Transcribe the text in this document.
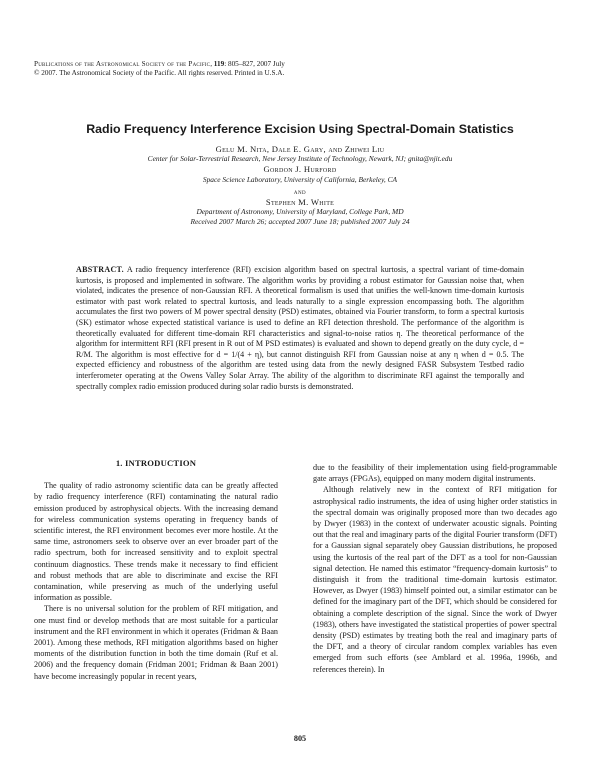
Publications of the Astronomical Society of the Pacific, 119: 805–827, 2007 July
© 2007. The Astronomical Society of the Pacific. All rights reserved. Printed in U.S.A.
Radio Frequency Interference Excision Using Spectral-Domain Statistics
Gelu M. Nita, Dale E. Gary, and Zhiwei Liu
Center for Solar-Terrestrial Research, New Jersey Institute of Technology, Newark, NJ; gnita@njit.edu
Gordon J. Hurford
Space Science Laboratory, University of California, Berkeley, CA
and
Stephen M. White
Department of Astronomy, University of Maryland, College Park, MD
Received 2007 March 26; accepted 2007 June 18; published 2007 July 24
ABSTRACT. A radio frequency interference (RFI) excision algorithm based on spectral kurtosis, a spectral variant of time-domain kurtosis, is proposed and implemented in software. The algorithm works by providing a robust estimator for Gaussian noise that, when violated, indicates the presence of non-Gaussian RFI. A theoretical formalism is used that unifies the well-known time-domain kurtosis estimator with past work related to spectral kurtosis, and leads naturally to a single expression encompassing both. The algorithm accumulates the first two powers of M power spectral density (PSD) estimates, obtained via Fourier transform, to form a spectral kurtosis (SK) estimator whose expected statistical variance is used to define an RFI detection threshold. The performance of the algorithm is theoretically evaluated for different time-domain RFI characteristics and signal-to-noise ratios η. The theoretical performance of the algorithm for intermittent RFI (RFI present in R out of M PSD estimates) is evaluated and shown to depend greatly on the duty cycle, d = R/M. The algorithm is most effective for d = 1/(4 + η), but cannot distinguish RFI from Gaussian noise at any η when d = 0.5. The expected efficiency and robustness of the algorithm are tested using data from the newly designed FASR Subsystem Testbed radio interferometer operating at the Owens Valley Solar Array. The ability of the algorithm to discriminate RFI against the temporally and spectrally complex radio emission produced during solar radio bursts is demonstrated.
1. INTRODUCTION

The quality of radio astronomy scientific data can be greatly affected by radio frequency interference (RFI) contaminating the natural radio emission produced by astrophysical objects. With the increasing demand for wireless communication systems operating in frequency bands of scientific interest, the RFI environment becomes ever more hostile. At the same time, astronomers seek to observe over an ever broader part of the radio spectrum, both for increased sensitivity and to exploit spectral continuum diagnostics. These trends make it necessary to find efficient and robust methods that are able to discriminate and excise the RFI contamination, while preserving as much of the underlying useful information as possible.

There is no universal solution for the problem of RFI mitigation, and one must find or develop methods that are most suitable for a particular instrument and the RFI environment in which it operates (Fridman & Baan 2001). Among these methods, RFI mitigation algorithms based on higher moments of the distribution function in both the time domain (Ruf et al. 2006) and the frequency domain (Fridman 2001; Fridman & Baan 2001) have become increasingly popular in recent years,

due to the feasibility of their implementation using field-programmable gate arrays (FPGAs), equipped on many modern digital instruments.

Although relatively new in the context of RFI mitigation for astrophysical radio instruments, the idea of using higher order statistics in the spectral domain was originally proposed more than two decades ago by Dwyer (1983) in the context of underwater acoustic signals. Pointing out that the real and imaginary parts of the digital Fourier transform (DFT) for a Gaussian signal separately obey Gaussian distributions, he proposed using the kurtosis of the real part of the DFT as a tool for non-Gaussian signal detection. He named this estimator “frequency-domain kurtosis” to distinguish it from the traditional time-domain kurtosis estimator. However, as Dwyer (1983) himself pointed out, a similar estimator can be defined for the imaginary part of the DFT, which should be considered for obtaining a complete description of the signal. Since the work of Dwyer (1983), others have investigated the statistical properties of power spectral density (PSD) estimates by treating both the real and imaginary parts of the DFT, and a theory of circular random complex variables has even emerged from such efforts (see Amblard et al. 1996a, 1996b, and references therein). In

805
